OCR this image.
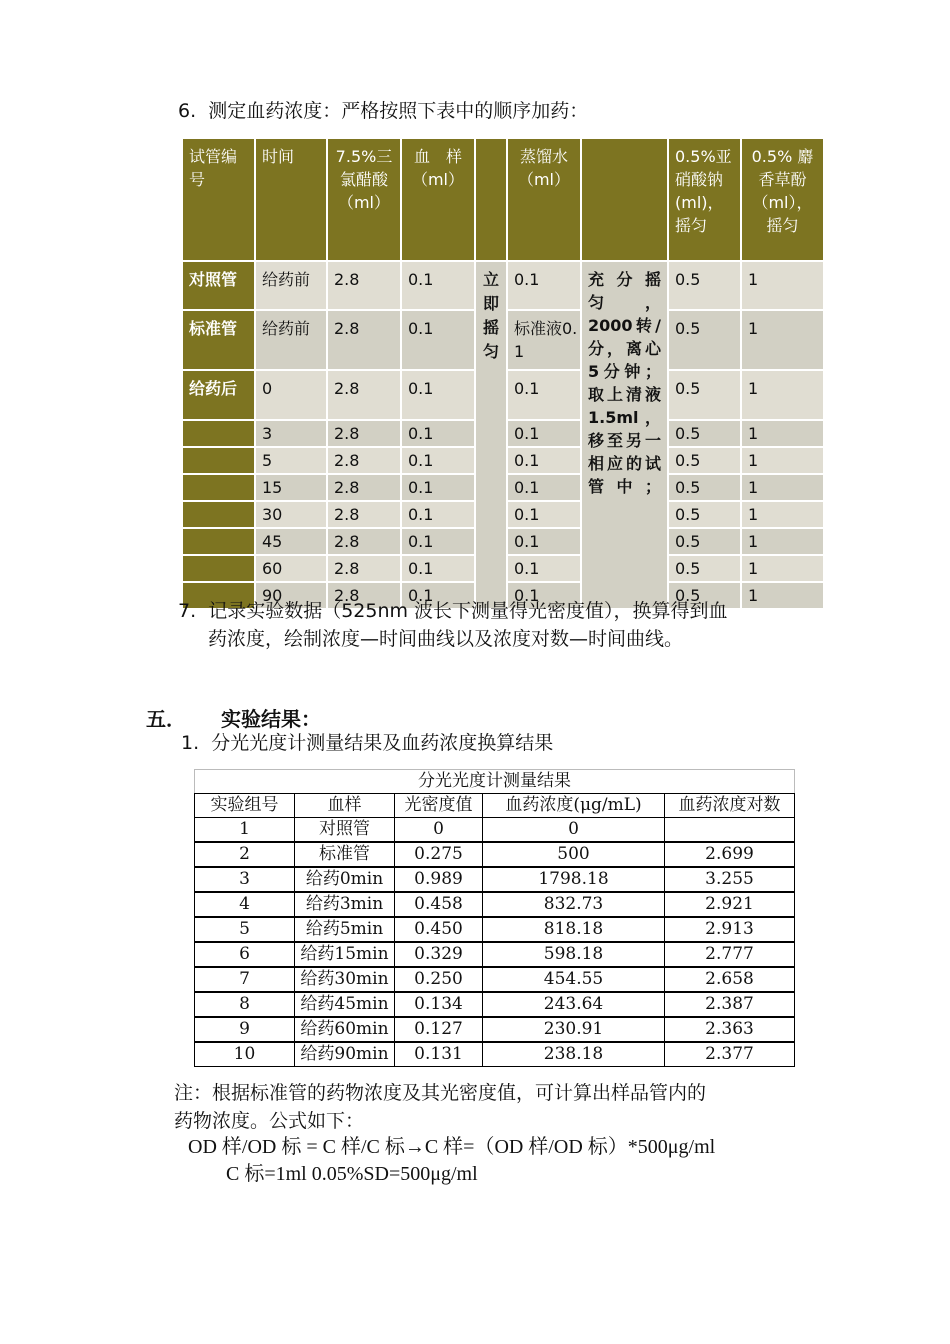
6. 测定血药浓度：严格按照下表中的顺序加药：
试管编号	时间	7.5%三氯醋酸（ml）	血　样（ml）		蒸馏水（ml）		0.5%亚硝酸钠(ml)，摇匀	0.5% 麝香草酚（ml），摇匀
对照管	给药前	2.8	0.1	立即摇匀	0.1	充分摇匀，2000转/分，离心5分钟；取上清液1.5ml，移至另一相应的试管中；	0.5	1
标准管	给药前	2.8	0.1		标准液0.1		0.5	1
给药后	0	2.8	0.1		0.1		0.5	1
	3	2.8	0.1		0.1		0.5	1
	5	2.8	0.1		0.1		0.5	1
	15	2.8	0.1		0.1		0.5	1
	30	2.8	0.1		0.1		0.5	1
	45	2.8	0.1		0.1		0.5	1
	60	2.8	0.1		0.1		0.5	1
	90	2.8	0.1		0.1		0.5	1
7. 记录实验数据（525nm 波长下测量得光密度值），换算得到血
药浓度，绘制浓度—时间曲线以及浓度对数—时间曲线。
五． 实验结果：
1. 分光光度计测量结果及血药浓度换算结果
分光光度计测量结果				
实验组号	血样	光密度值	血药浓度(μg/mL)	血药浓度对数
1	对照管	0	0	
2	标准管	0.275	500	2.699
3	给药0min	0.989	1798.18	3.255
4	给药3min	0.458	832.73	2.921
5	给药5min	0.450	818.18	2.913
6	给药15min	0.329	598.18	2.777
7	给药30min	0.250	454.55	2.658
8	给药45min	0.134	243.64	2.387
9	给药60min	0.127	230.91	2.363
10	给药90min	0.131	238.18	2.377
注：根据标准管的药物浓度及其光密度值，可计算出样品管内的
药物浓度。公式如下：
OD 样/OD 标 = C 样/C 标→C 样=（OD 样/OD 标）*500μg/ml
C 标=1ml 0.05%SD=500μg/ml
